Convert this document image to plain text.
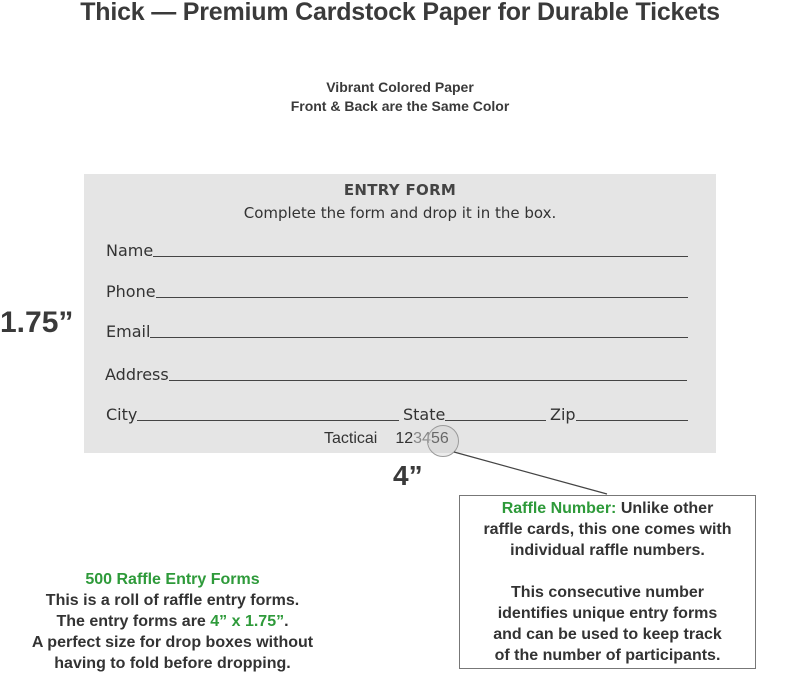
Thick — Premium Cardstock Paper for Durable Tickets
Vibrant Colored Paper
Front & Back are the Same Color
1.75”
ENTRY FORM
Complete the form and drop it in the box.
Name
Phone
Email
Address
City	State	Zip
Tacticai 123456
4”

Raffle Number: Unlike other

raffle cards, this one comes with

individual raffle numbers.

This consecutive number

identifies unique entry forms

and can be used to keep track

of the number of participants.

500 Raffle Entry Forms

This is a roll of raffle entry forms.

The entry forms are 4” x 1.75”.

A perfect size for drop boxes without

having to fold before dropping.
